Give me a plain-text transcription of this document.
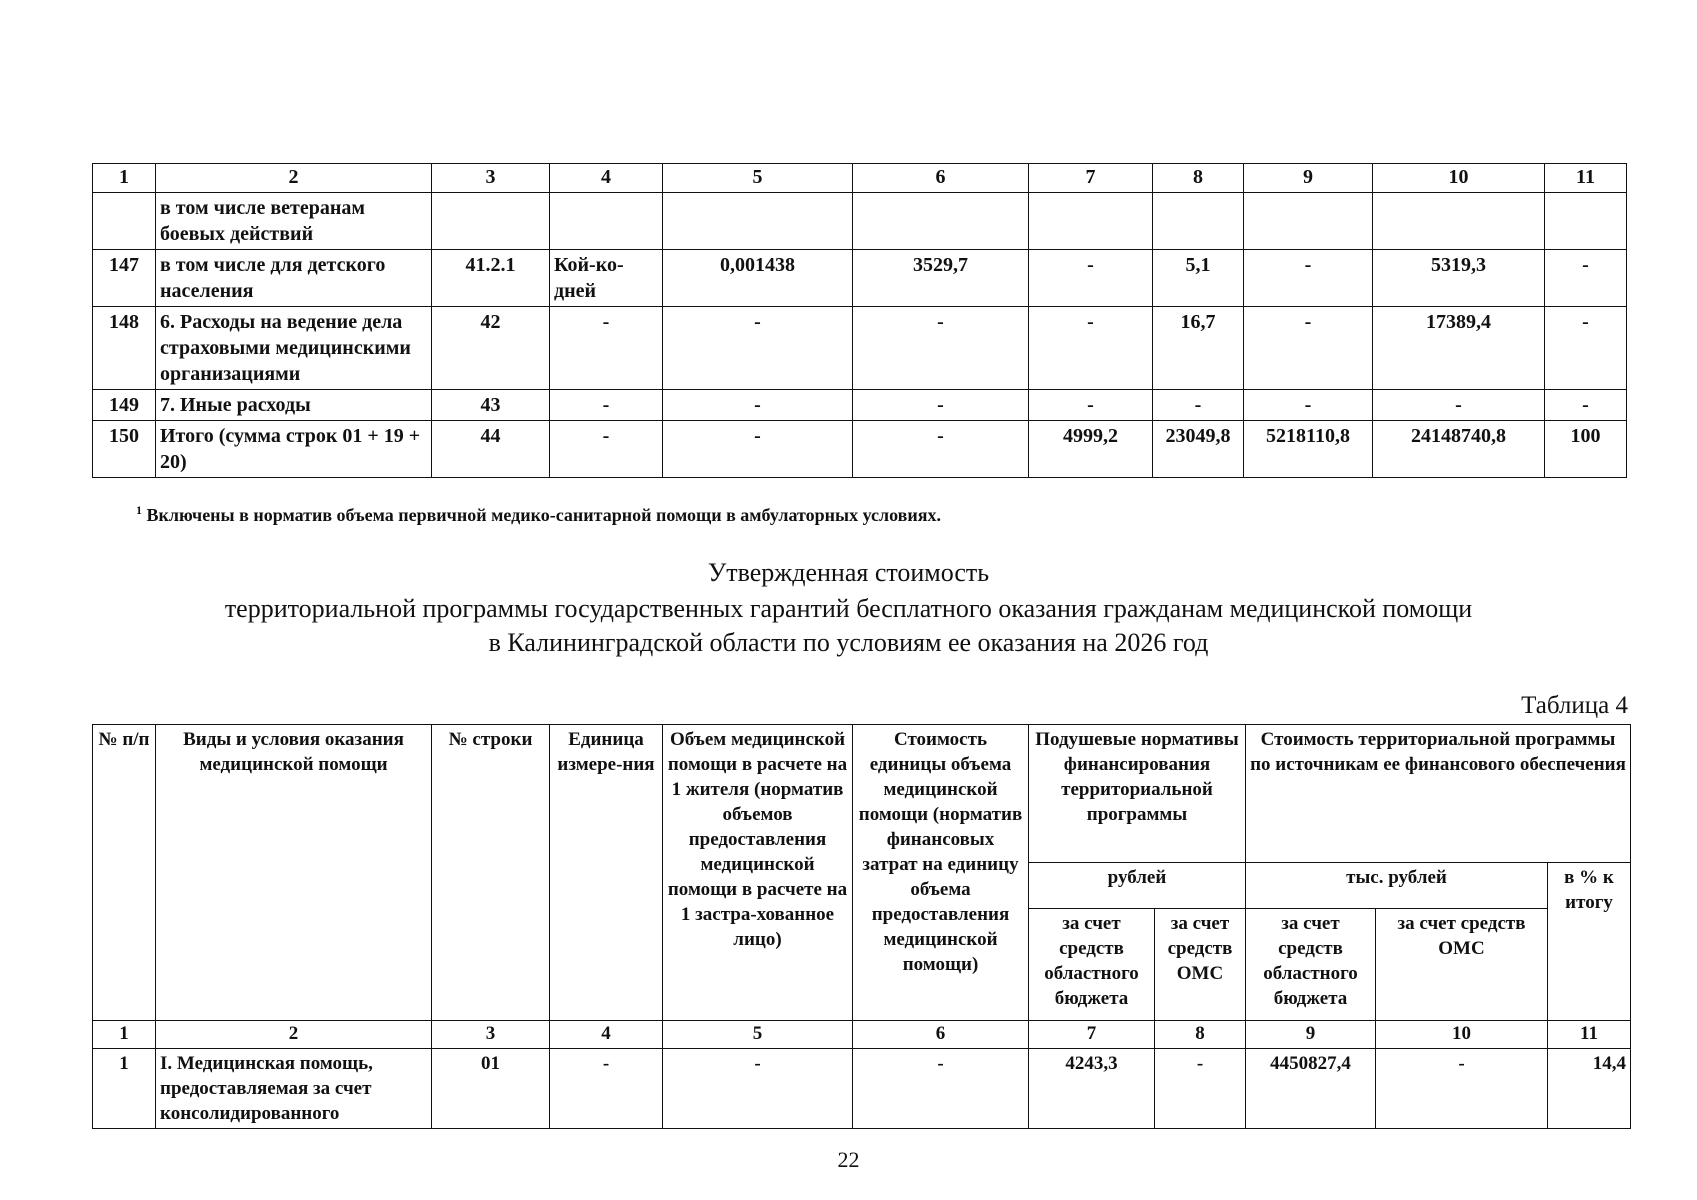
1	2	3	4	5	6	7	8	9	10	11
	в том числе ветеранам боевых действий									
147	в том числе для детского населения	41.2.1	Кой-ко-дней	0,001438	3529,7	-	5,1	-	5319,3	-
148	6. Расходы на ведение дела страховыми медицинскими организациями	42	-	-	-	-	16,7	-	17389,4	-
149	7. Иные расходы	43	-	-	-	-	-	-	-	-
150	Итого (сумма строк 01 + 19 + 20)	44	-	-	-	4999,2	23049,8	5218110,8	24148740,8	100
$^1$ Включены в норматив объема первичной медико-санитарной помощи в амбулаторных условиях.
Утвержденная стоимость
территориальной программы государственных гарантий бесплатного оказания гражданам медицинской помощи
в Калининградской области по условиям ее оказания на 2026 год
Таблица 4
№ п/п	Виды и условия оказания медицинской помощи	№ строки	Единица измере-ния	Объем медицинской помощи в расчете на 1 жителя (норматив объемов предоставления медицинской помощи в расчете на 1 застра-хованное лицо)	Стоимость единицы объема медицинской помощи (норматив финансовых затрат на единицу объема предоставления медицинской помощи)	Подушевые нормативы финансирования территориальной программы		Стоимость территориальной программы по источникам ее финансового обеспечения		
						рублей		тыс. рублей		в % к итогу
						за счет средств областного бюджета	за счет средств ОМС	за счет средств областного бюджета	за счет средств ОМС	
1	2	3	4	5	6	7	8	9	10	11
1	I. Медицинская помощь, предоставляемая за счет консолидированного	01	-	-	-	4243,3	-	4450827,4	-	14,4
22
